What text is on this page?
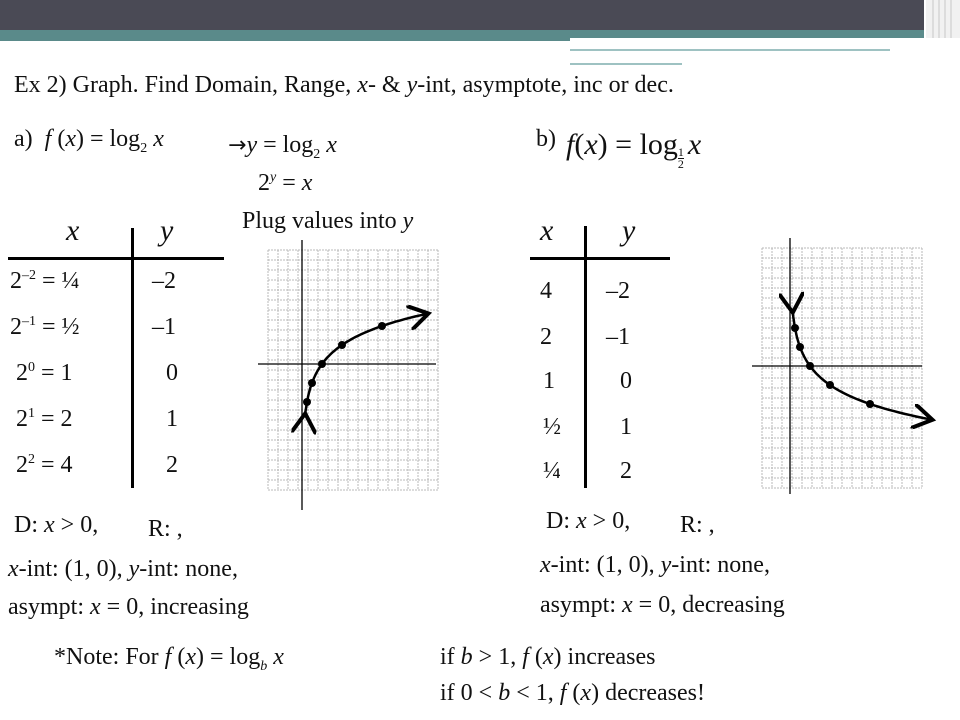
Ex 2) Graph. Find Domain, Range, x- & y-int, asymptote, inc or dec.
a) f $(x) = \log_2 x$	$\to y = \log_2 x$
$2^y = x$
Plug values into y
x	y
$2^{-2}$ = ¼	–2
$2^{-1}$ = ½	–1
$2^0 = 1$	0
$2^1 = 2$	1
$2^2 = 4$	2
D: x > 0, R: ,
x-int: (1, 0), y-int: none,
asympt: x = 0, increasing
b) $f(x) = \log \frac{1}{2}$ x
x y
4 –2
2 –1
1	0
½ 1
¼ 2
D: x > 0, R: ,
x-int: (1, 0), y-int: none,
asympt: x = 0, decreasing
*Note: For f $(x) = \log_b x$	if b > 1, f (x) increases
if 0 < b < 1, f (x) decreases!
